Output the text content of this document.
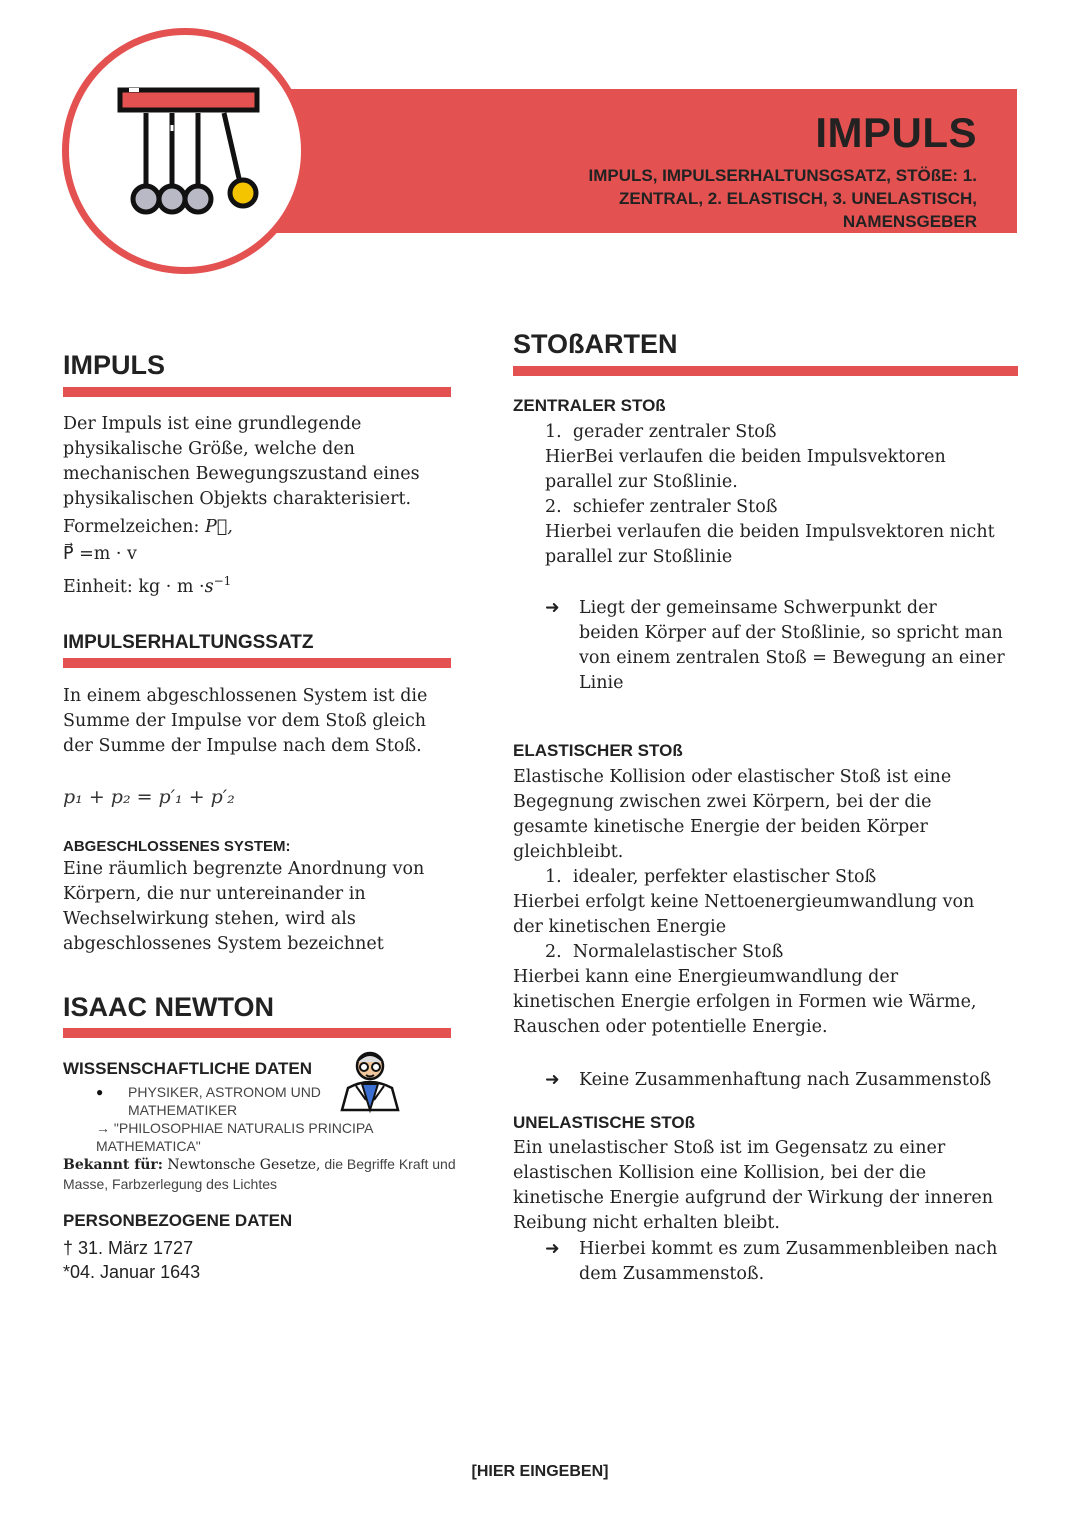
IMPULS
IMPULS, IMPULSERHALTUNSGSATZ, STÖßE: 1. ZENTRAL, 2. ELASTISCH, 3. UNELASTISCH, NAMENSGEBER
IMPULS

Der Impuls ist eine grundlegende

physikalische Größe, welche den

mechanischen Bewegungszustand eines

physikalischen Objekts charakterisiert.

Formelzeichen: P⃗,

P⃗ =m · v

Einheit: kg · $m \cdot s^{-1}$

IMPULSERHALTUNGSSATZ

In einem abgeschlossenen System ist die

Summe der Impulse vor dem Stoß gleich

der Summe der Impulse nach dem Stoß.

p₁ + p₂ = p′₁ + p′₂
ABGESCHLOSSENES SYSTEM:

Eine räumlich begrenzte Anordnung von

Körpern, die nur untereinander in

Wechselwirkung stehen, wird als

abgeschlossenes System bezeichnet

ISAAC NEWTON
WISSENSCHAFTLICHE DATEN
●	PHYSIKER, ASTRONOM UND
MATHEMATIKER
→ "PHILOSOPHIAE NATURALIS PRINCIPA
MATHEMATICA"
Bekannt für: Newtonsche Gesetze, die Begriffe Kraft und
Masse, Farbzerlegung des Lichtes
PERSONBEZOGENE DATEN
† 31. März 1727
*04. Januar 1643
STOßARTEN
ZENTRALER STOß
1. gerader zentraler Stoß

HierBei verlaufen die beiden Impulsvektoren

parallel zur Stoßlinie.

2. schiefer zentraler Stoß

Hierbei verlaufen die beiden Impulsvektoren nicht

parallel zur Stoßlinie

➜	Liegt der gemeinsame Schwerpunkt der
beiden Körper auf der Stoßlinie, so spricht man
von einem zentralen Stoß = Bewegung an einer
Linie
ELASTISCHER STOß

Elastische Kollision oder elastischer Stoß ist eine

Begegnung zwischen zwei Körpern, bei der die

gesamte kinetische Energie der beiden Körper

gleichbleibt.

1. idealer, perfekter elastischer Stoß

Hierbei erfolgt keine Nettoenergieumwandlung von

der kinetischen Energie

2. Normalelastischer Stoß

Hierbei kann eine Energieumwandlung der

kinetischen Energie erfolgen in Formen wie Wärme,

Rauschen oder potentielle Energie.

➜	Keine Zusammenhaftung nach Zusammenstoß
UNELASTISCHE STOß

Ein unelastischer Stoß ist im Gegensatz zu einer

elastischen Kollision eine Kollision, bei der die

kinetische Energie aufgrund der Wirkung der inneren

Reibung nicht erhalten bleibt.

➜	Hierbei kommt es zum Zusammenbleiben nach
dem Zusammenstoß.
[HIER EINGEBEN]
